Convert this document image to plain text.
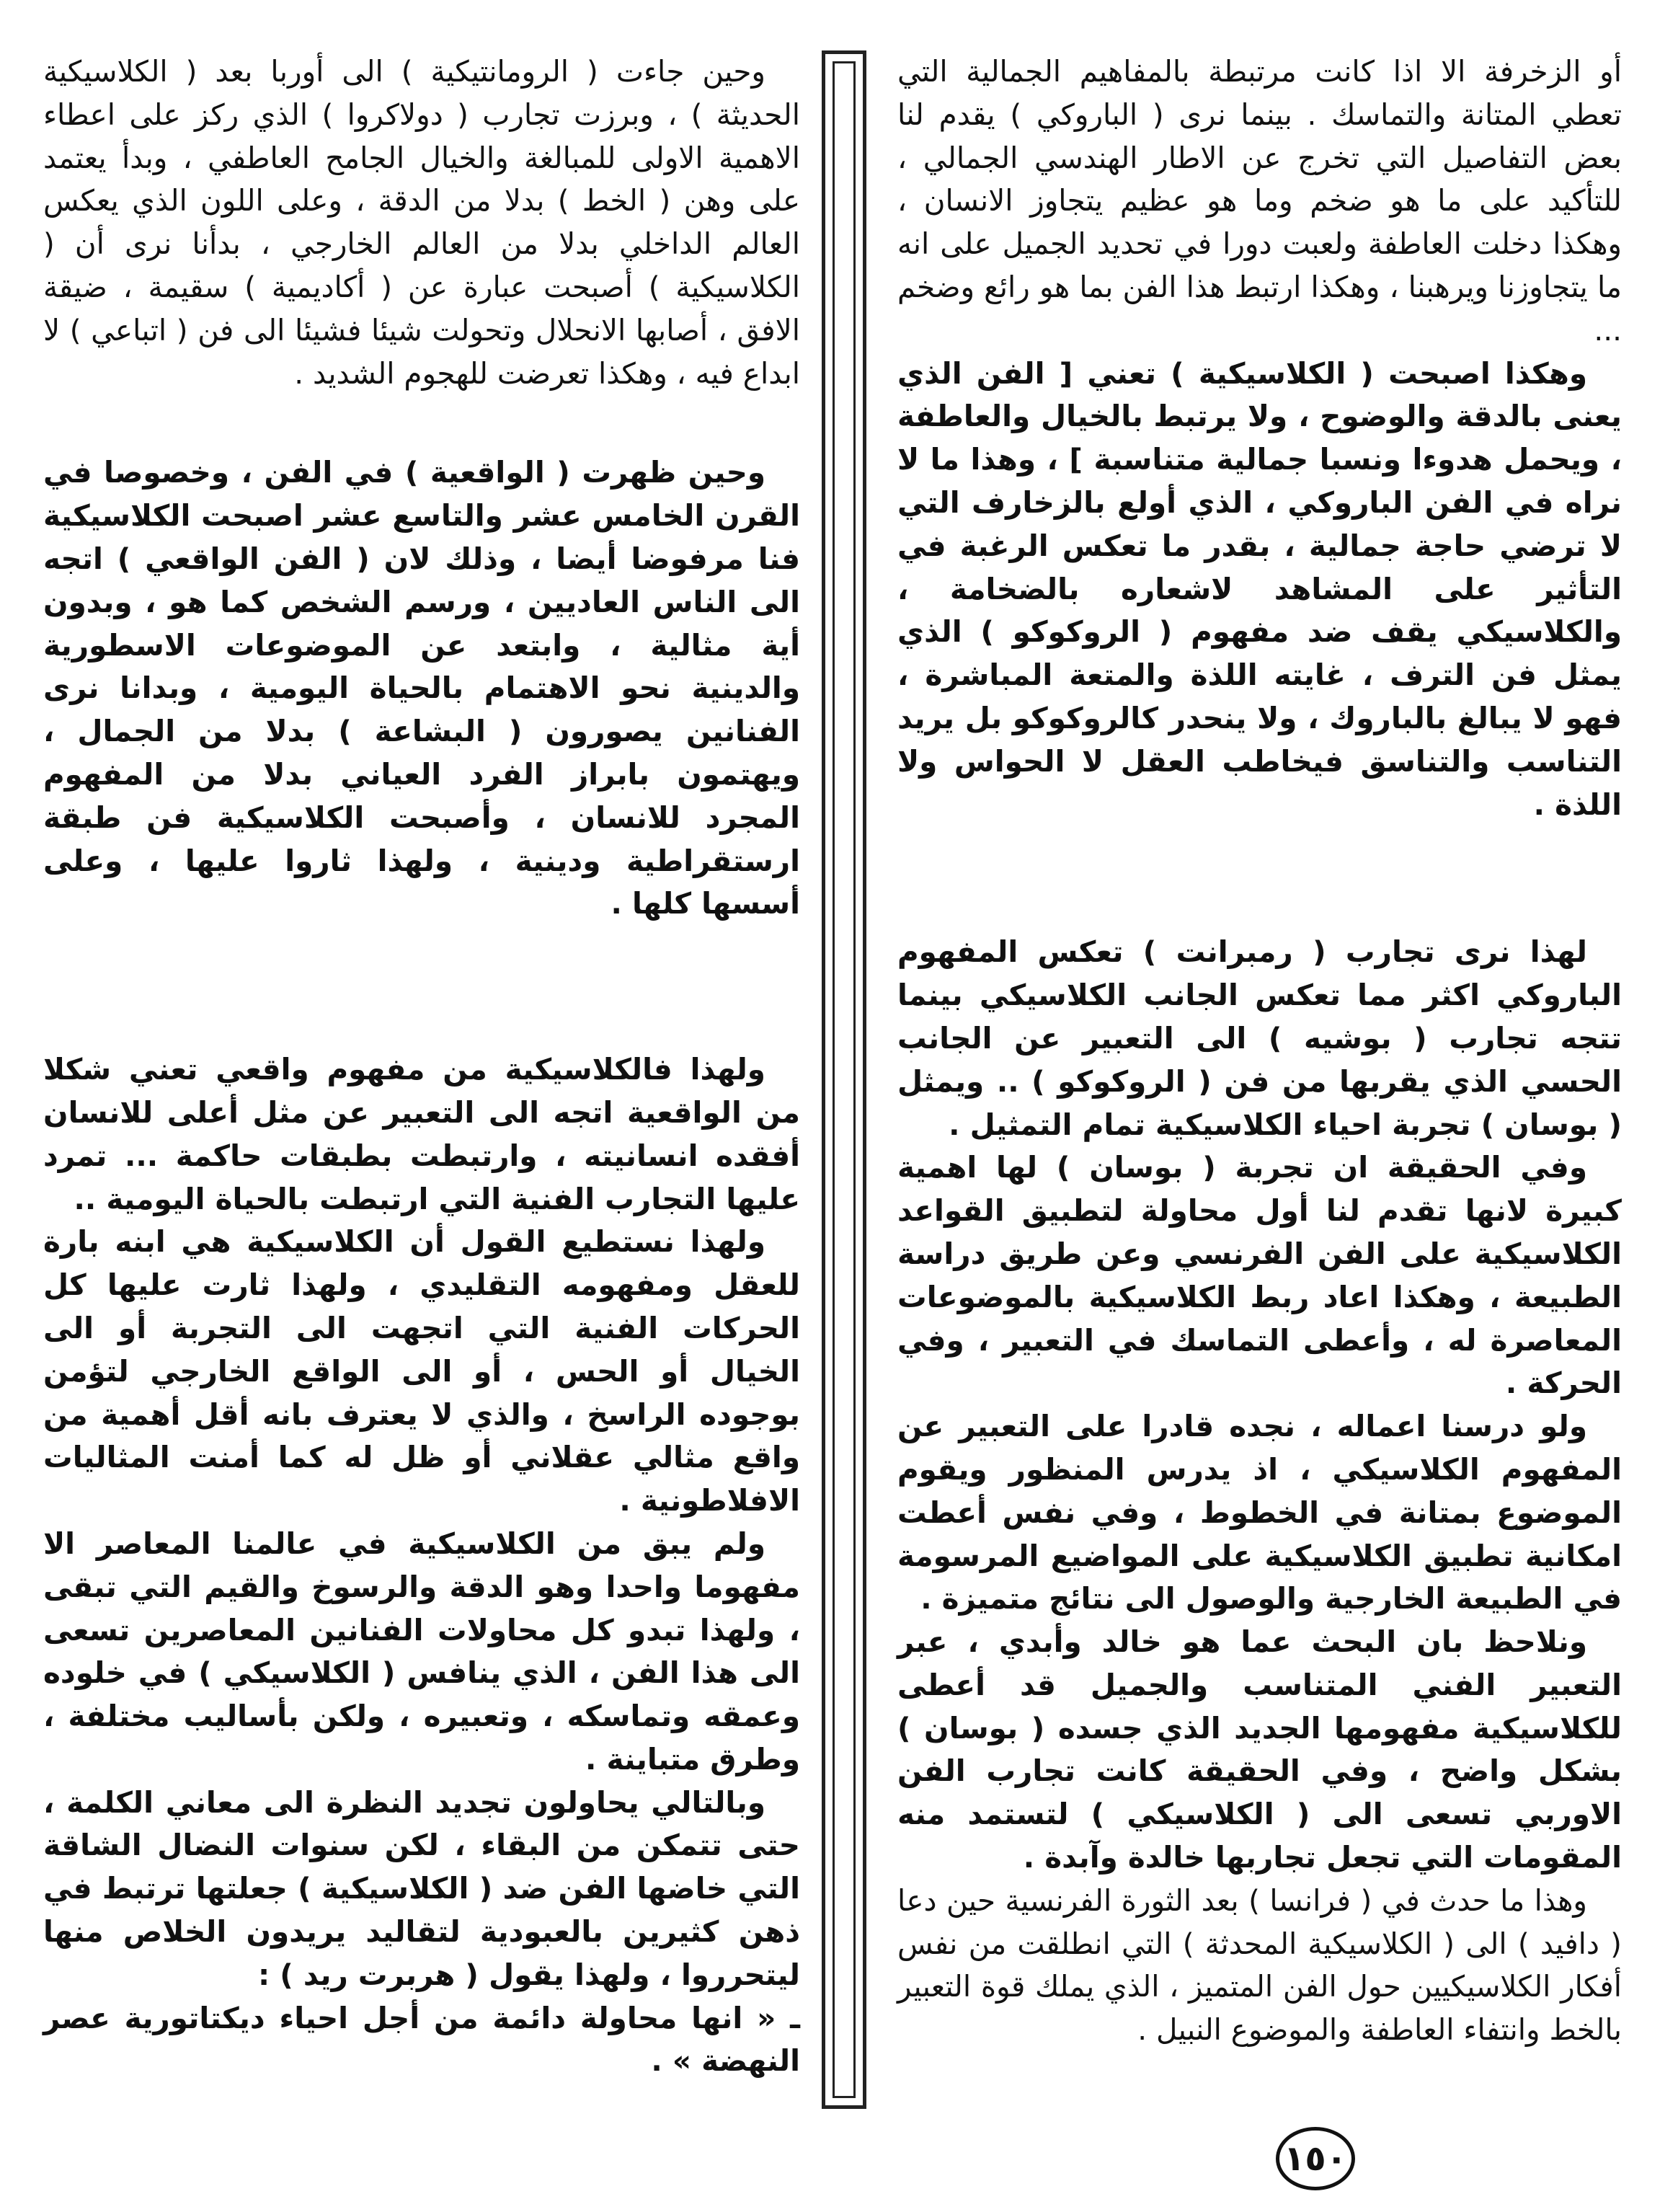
أو الزخرفة الا اذا كانت مرتبطة بالمفاهيم الجمالية التي تعطي المتانة والتماسك . بينما نرى ( الباروكي ) يقدم لنا بعض التفاصيل التي تخرج عن الاطار الهندسي الجمالي ، للتأكيد على ما هو ضخم وما هو عظيم يتجاوز الانسان ، وهكذا دخلت العاطفة ولعبت دورا في تحديد الجميل على انه ما يتجاوزنا ويرهبنا ، وهكذا ارتبط هذا الفن بما هو رائع وضخم ...

وهكذا اصبحت ( الكلاسيكية ) تعني [ الفن الذي يعنى بالدقة والوضوح ، ولا يرتبط بالخيال والعاطفة ، ويحمل هدوءا ونسبا جمالية متناسبة ] ، وهذا ما لا نراه في الفن الباروكي ، الذي أولع بالزخارف التي لا ترضي حاجة جمالية ، بقدر ما تعكس الرغبة في التأثير على المشاهد لاشعاره بالضخامة ، والكلاسيكي يقف ضد مفهوم ( الروكوكو ) الذي يمثل فن الترف ، غايته اللذة والمتعة المباشرة ، فهو لا يبالغ بالباروك ، ولا ينحدر كالروكوكو بل يريد التناسب والتناسق فيخاطب العقل لا الحواس ولا اللذة .

لهذا نرى تجارب ( رمبرانت ) تعكس المفهوم الباروكي اكثر مما تعكس الجانب الكلاسيكي بينما تتجه تجارب ( بوشيه ) الى التعبير عن الجانب الحسي الذي يقربها من فن ( الروكوكو ) .. ويمثل ( بوسان ) تجربة احياء الكلاسيكية تمام التمثيل .

وفي الحقيقة ان تجربة ( بوسان ) لها اهمية كبيرة لانها تقدم لنا أول محاولة لتطبيق القواعد الكلاسيكية على الفن الفرنسي وعن طريق دراسة الطبيعة ، وهكذا اعاد ربط الكلاسيكية بالموضوعات المعاصرة له ، وأعطى التماسك في التعبير ، وفي الحركة .

ولو درسنا اعماله ، نجده قادرا على التعبير عن المفهوم الكلاسيكي ، اذ يدرس المنظور ويقوم الموضوع بمتانة في الخطوط ، وفي نفس أعطت امكانية تطبيق الكلاسيكية على المواضيع المرسومة في الطبيعة الخارجية والوصول الى نتائج متميزة .

ونلاحظ بان البحث عما هو خالد وأبدي ، عبر التعبير الفني المتناسب والجميل قد أعطى للكلاسيكية مفهومها الجديد الذي جسده ( بوسان ) بشكل واضح ، وفي الحقيقة كانت تجارب الفن الاوربي تسعى الى ( الكلاسيكي ) لتستمد منه المقومات التي تجعل تجاربها خالدة وآبدة .

وهذا ما حدث في ( فرانسا ) بعد الثورة الفرنسية حين دعا ( دافيد ) الى ( الكلاسيكية المحدثة ) التي انطلقت من نفس أفكار الكلاسيكيين حول الفن المتميز ، الذي يملك قوة التعبير بالخط وانتفاء العاطفة والموضوع النبيل .

وحين جاءت ( الرومانتيكية ) الى أوربا بعد ( الكلاسيكية الحديثة ) ، وبرزت تجارب ( دولاكروا ) الذي ركز على اعطاء الاهمية الاولى للمبالغة والخيال الجامح العاطفي ، وبدأ يعتمد على وهن ( الخط ) بدلا من الدقة ، وعلى اللون الذي يعكس العالم الداخلي بدلا من العالم الخارجي ، بدأنا نرى أن ( الكلاسيكية ) أصبحت عبارة عن ( أكاديمية ) سقيمة ، ضيقة الافق ، أصابها الانحلال وتحولت شيئا فشيئا الى فن ( اتباعي ) لا ابداع فيه ، وهكذا تعرضت للهجوم الشديد .

وحين ظهرت ( الواقعية ) في الفن ، وخصوصا في القرن الخامس عشر والتاسع عشر اصبحت الكلاسيكية فنا مرفوضا أيضا ، وذلك لان ( الفن الواقعي ) اتجه الى الناس العاديين ، ورسم الشخص كما هو ، وبدون أية مثالية ، وابتعد عن الموضوعات الاسطورية والدينية نحو الاهتمام بالحياة اليومية ، وبدانا نرى الفنانين يصورون ( البشاعة ) بدلا من الجمال ، ويهتمون بابراز الفرد العياني بدلا من المفهوم المجرد للانسان ، وأصبحت الكلاسيكية فن طبقة ارستقراطية ودينية ، ولهذا ثاروا عليها ، وعلى أسسها كلها .

ولهذا فالكلاسيكية من مفهوم واقعي تعني شكلا من الواقعية اتجه الى التعبير عن مثل أعلى للانسان أفقده انسانيته ، وارتبطت بطبقات حاكمة ... تمرد عليها التجارب الفنية التي ارتبطت بالحياة اليومية ..

ولهذا نستطيع القول أن الكلاسيكية هي ابنه بارة للعقل ومفهومه التقليدي ، ولهذا ثارت عليها كل الحركات الفنية التي اتجهت الى التجربة أو الى الخيال أو الحس ، أو الى الواقع الخارجي لتؤمن بوجوده الراسخ ، والذي لا يعترف بانه أقل أهمية من واقع مثالي عقلاني أو ظل له كما أمنت المثاليات الافلاطونية .

ولم يبق من الكلاسيكية في عالمنا المعاصر الا مفهوما واحدا وهو الدقة والرسوخ والقيم التي تبقى ، ولهذا تبدو كل محاولات الفنانين المعاصرين تسعى الى هذا الفن ، الذي ينافس ( الكلاسيكي ) في خلوده وعمقه وتماسكه ، وتعبيره ، ولكن بأساليب مختلفة ، وطرق متباينة .

وبالتالي يحاولون تجديد النظرة الى معاني الكلمة ، حتى تتمكن من البقاء ، لكن سنوات النضال الشاقة التي خاضها الفن ضد ( الكلاسيكية ) جعلتها ترتبط في ذهن كثيرين بالعبودية لتقاليد يريدون الخلاص منها ليتحرروا ، ولهذا يقول ( هربرت ريد ) :

ـ « انها محاولة دائمة من أجل احياء ديكتاتورية عصر النهضة » .

١٥٠
